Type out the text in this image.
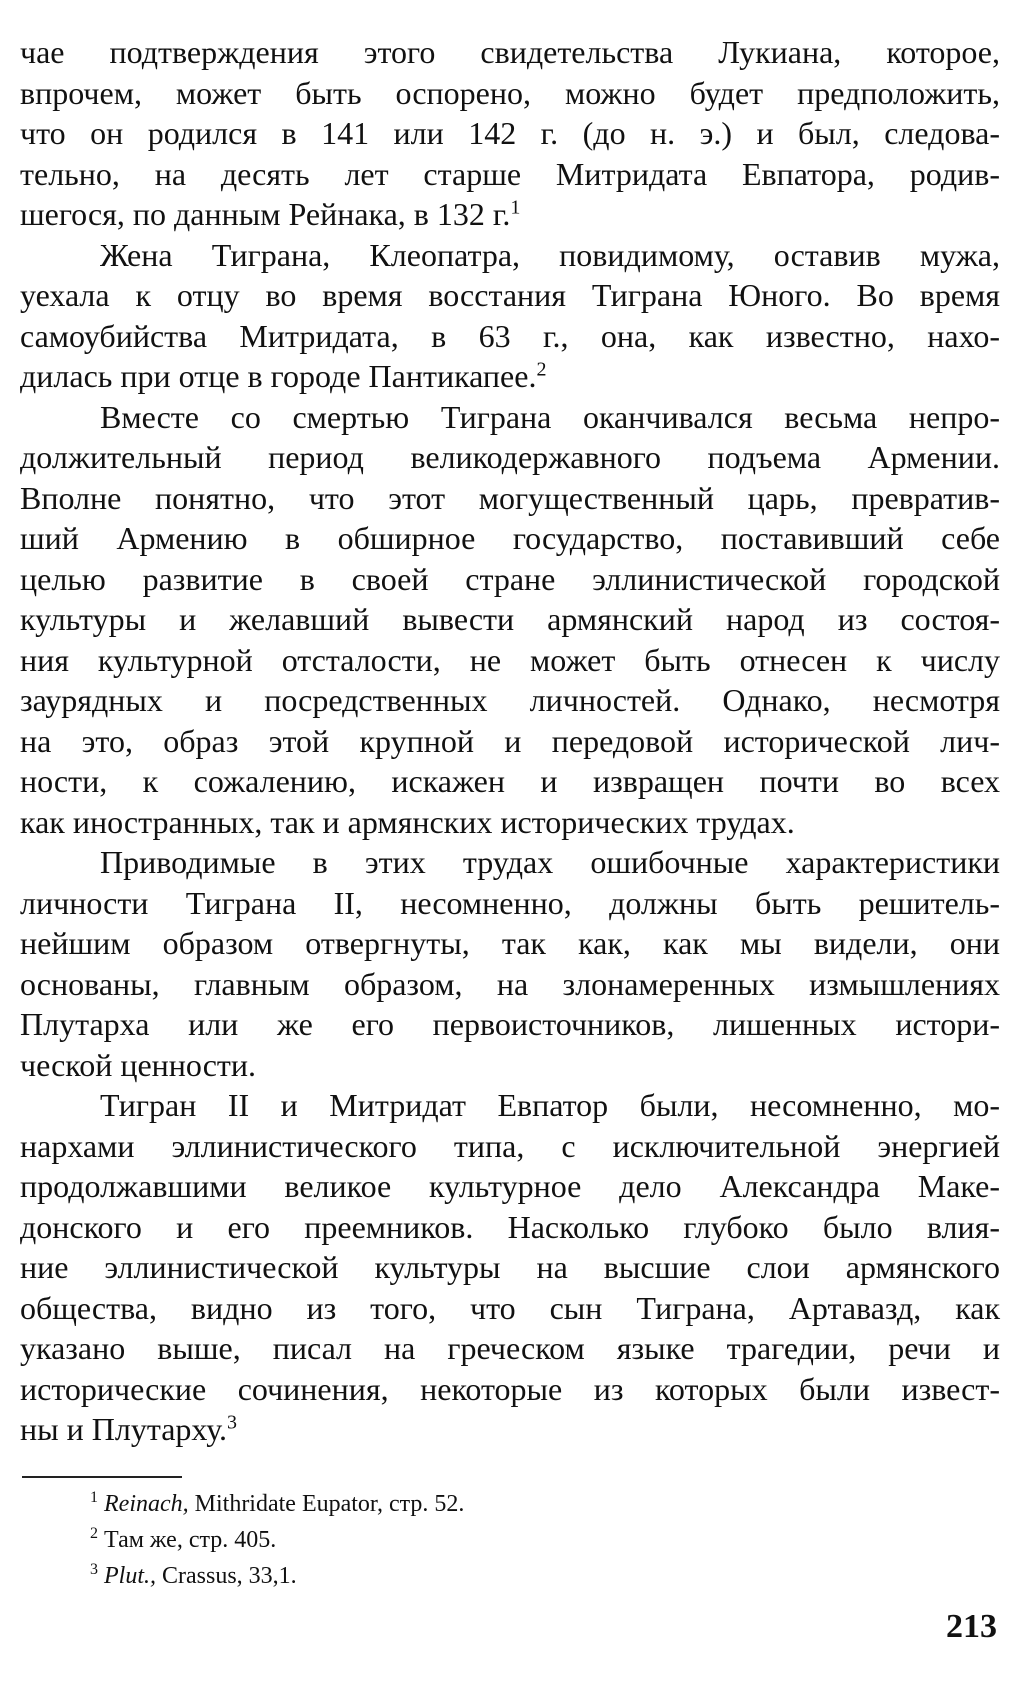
чае подтверждения этого свидетельства Лукиана, которое,
впрочем, может быть оспорено, можно будет предположить,
что он родился в 141 или 142 г. (до н. э.) и был, следова-
тельно, на десять лет старше Митридата Евпатора, родив-
шегося, по данным Рейнака, в 132 г.$^1$
Жена Тиграна, Клеопатра, повидимому, оставив мужа,
уехала к отцу во время восстания Тиграна Юного. Во время
самоубийства Митридата, в 63 г., она, как известно, нахо-
дилась при отце в городе Пантикапее.$^2$
Вместе со смертью Тиграна оканчивался весьма непро-
должительный период великодержавного подъема Армении.
Вполне понятно, что этот могущественный царь, превратив-
ший Армению в обширное государство, поставивший себе
целью развитие в своей стране эллинистической городской
культуры и желавший вывести армянский народ из состоя-
ния культурной отсталости, не может быть отнесен к числу
заурядных и посредственных личностей. Однако, несмотря
на это, образ этой крупной и передовой исторической лич-
ности, к сожалению, искажен и извращен почти во всех
как иностранных, так и армянских исторических трудах.
Приводимые в этих трудах ошибочные характеристики
личности Тиграна II, несомненно, должны быть решитель-
нейшим образом отвергнуты, так как, как мы видели, они
основаны, главным образом, на злонамеренных измышлениях
Плутарха или же его первоисточников, лишенных истори-
ческой ценности.
Тигран II и Митридат Евпатор были, несомненно, мо-
нархами эллинистического типа, с исключительной энергией
продолжавшими великое культурное дело Александра Маке-
донского и его преемников. Насколько глубоко было влия-
ние эллинистической культуры на высшие слои армянского
общества, видно из того, что сын Тиграна, Артавазд, как
указано выше, писал на греческом языке трагедии, речи и
исторические сочинения, некоторые из которых были извест-
ны и Плутарху.$^3$
$^1$ Reinach, Mithridate Eupator, стр. 52.
$^2$ Там же, стр. 405.
$^3$ Plut., Crassus, 33,1.
213
